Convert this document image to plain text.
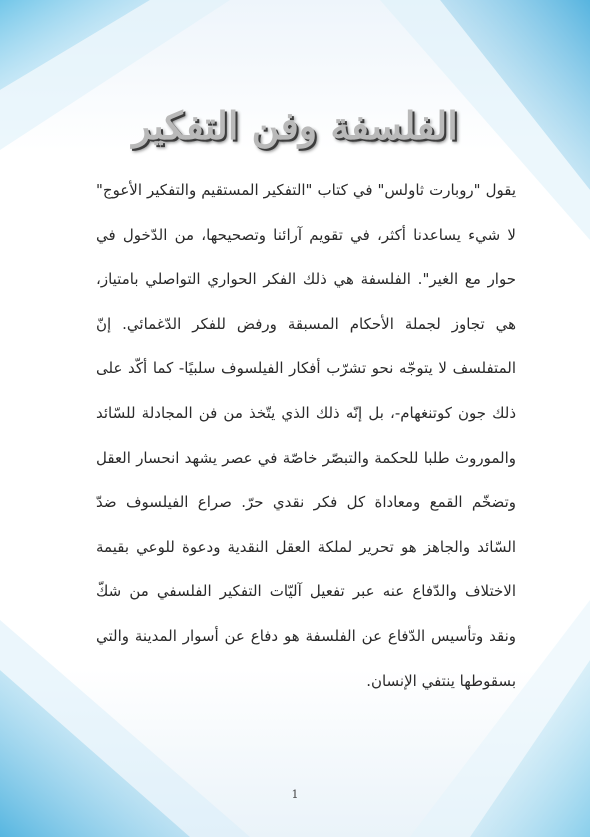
الفلسفة وفن التفكير

يقول "روبارت ثاولس" في كتاب "التفكير المستقيم والتفكير الأعوج" لا شيء يساعدنا أكثر، في تقويم آرائنا وتصحيحها، من الدّخول في حوار مع الغير". الفلسفة هي ذلك الفكر الحواري التواصلي بامتياز، هي تجاوز لجملة الأحكام المسبقة ورفض للفكر الدّغمائي. إنّ المتفلسف لا يتوجّه نحو تشرّب أفكار الفيلسوف سلبيًا- كما أكّد على ذلك جون كوتنغهام-، بل إنّه ذلك الذي يتّخذ من فن المجادلة للسّائد والموروث طلبا للحكمة والتبصّر خاصّة في عصر يشهد انحسار العقل وتضخّم القمع ومعاداة كل فكر نقدي حرّ. صراع الفيلسوف ضدّ السّائد والجاهز هو تحرير لملكة العقل النقدية ودعوة للوعي بقيمة الاختلاف والدّفاع عنه عبر تفعيل آليّات التفكير الفلسفي من شكّ ونقد وتأسيس الدّفاع عن الفلسفة هو دفاع عن أسوار المدينة والتي بسقوطها ينتفي الإنسان.

1
